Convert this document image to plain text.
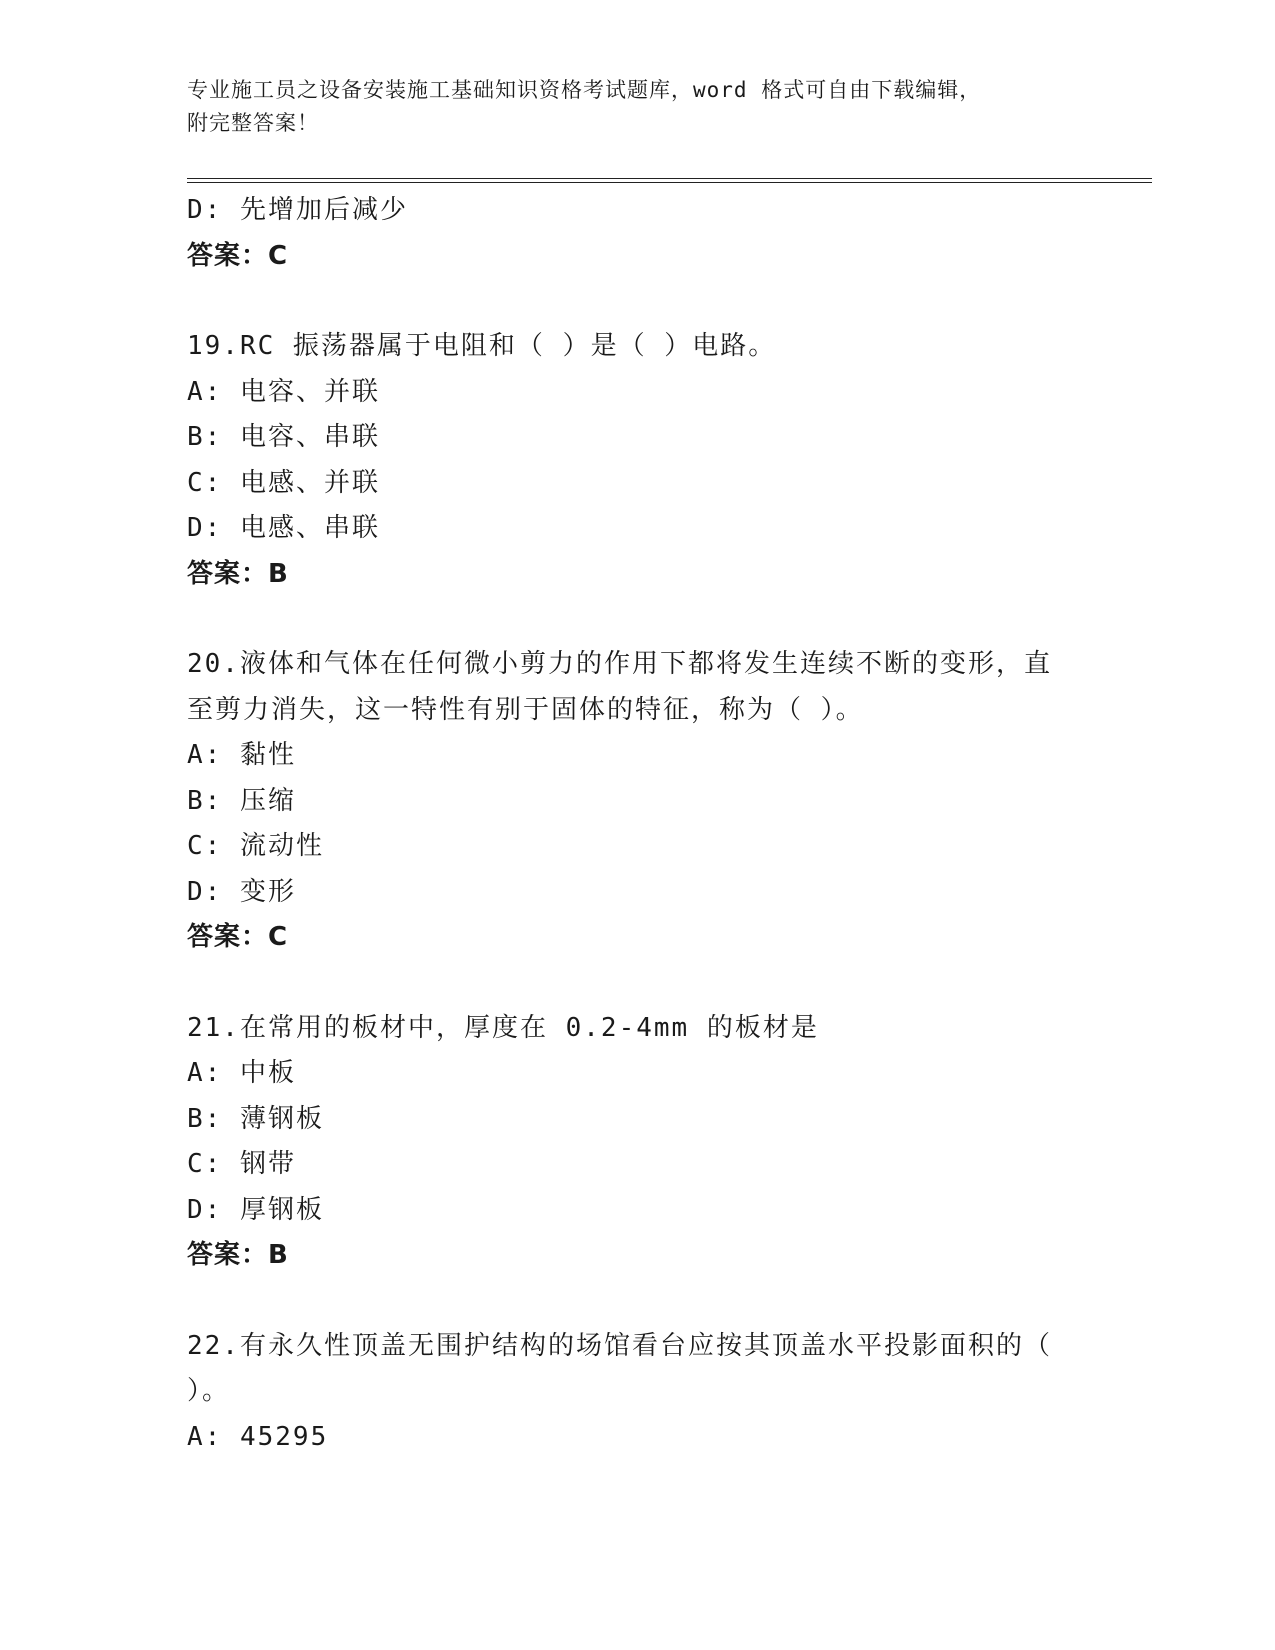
专业施工员之设备安装施工基础知识资格考试题库，word 格式可自由下载编辑，
附完整答案！
D: 先增加后减少
答案：C
19.RC 振荡器属于电阻和（ ）是（ ）电路。
A: 电容、并联
B: 电容、串联
C: 电感、并联
D: 电感、串联
答案：B
20.液体和气体在任何微小剪力的作用下都将发生连续不断的变形，直
至剪力消失，这一特性有别于固体的特征，称为（ ）。
A: 黏性
B: 压缩
C: 流动性
D: 变形
答案：C
21.在常用的板材中，厚度在 0.2-4mm 的板材是
A: 中板
B: 薄钢板
C: 钢带
D: 厚钢板
答案：B
22.有永久性顶盖无围护结构的场馆看台应按其顶盖水平投影面积的（
）。
A: 45295
